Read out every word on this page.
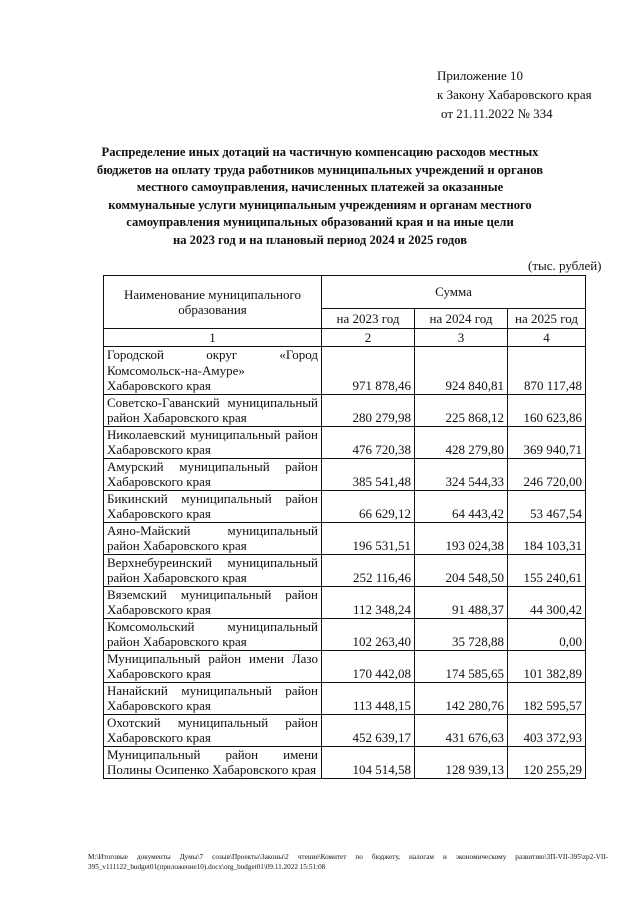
Приложение 10
к Закону Хабаровского края
от 21.11.2022 № 334
Распределение иных дотаций на частичную компенсацию расходов местных
бюджетов на оплату труда работников муниципальных учреждений и органов
местного самоуправления, начисленных платежей за оказанные
коммунальные услуги муниципальным учреждениям и органам местного
самоуправления муниципальных образований края и на иные цели
на 2023 год и на плановый период 2024 и 2025 годов
(тыс. рублей)
Наименование муниципального образования	Сумма		
	на 2023 год	на 2024 год	на 2025 год
1	2	3	4
Городской округ «Город Комсомольск-на-Амуре» Хабаровского края	971 878,46	924 840,81	870 117,48
Советско-Гаванский муниципальный район Хабаровского края	280 279,98	225 868,12	160 623,86
Николаевский муниципальный район Хабаровского края	476 720,38	428 279,80	369 940,71
Амурский муниципальный район Хабаровского края	385 541,48	324 544,33	246 720,00
Бикинский муниципальный район Хабаровского края	66 629,12	64 443,42	53 467,54
Аяно-Майский муниципальный район Хабаровского края	196 531,51	193 024,38	184 103,31
Верхнебуреинский муниципальный район Хабаровского края	252 116,46	204 548,50	155 240,61
Вяземский муниципальный район Хабаровского края	112 348,24	91 488,37	44 300,42
Комсомольский муниципальный район Хабаровского края	102 263,40	35 728,88	0,00
Муниципальный район имени Лазо Хабаровского края	170 442,08	174 585,65	101 382,89
Нанайский муниципальный район Хабаровского края	113 448,15	142 280,76	182 595,57
Охотский муниципальный район Хабаровского края	452 639,17	431 676,63	403 372,93
Муниципальный район имени Полины Осипенко Хабаровского края	104 514,58	128 939,13	120 255,29
М:\Итоговые документы Думы\7 созыв\Проекты\Законы\2 чтение\Комитет по бюджету, налогам и экономическому развитию\3П-VII-395\zp2-VII-395_v111122_budget01(приложение10).docx\org_budget01\09.11.2022 15:51:08
